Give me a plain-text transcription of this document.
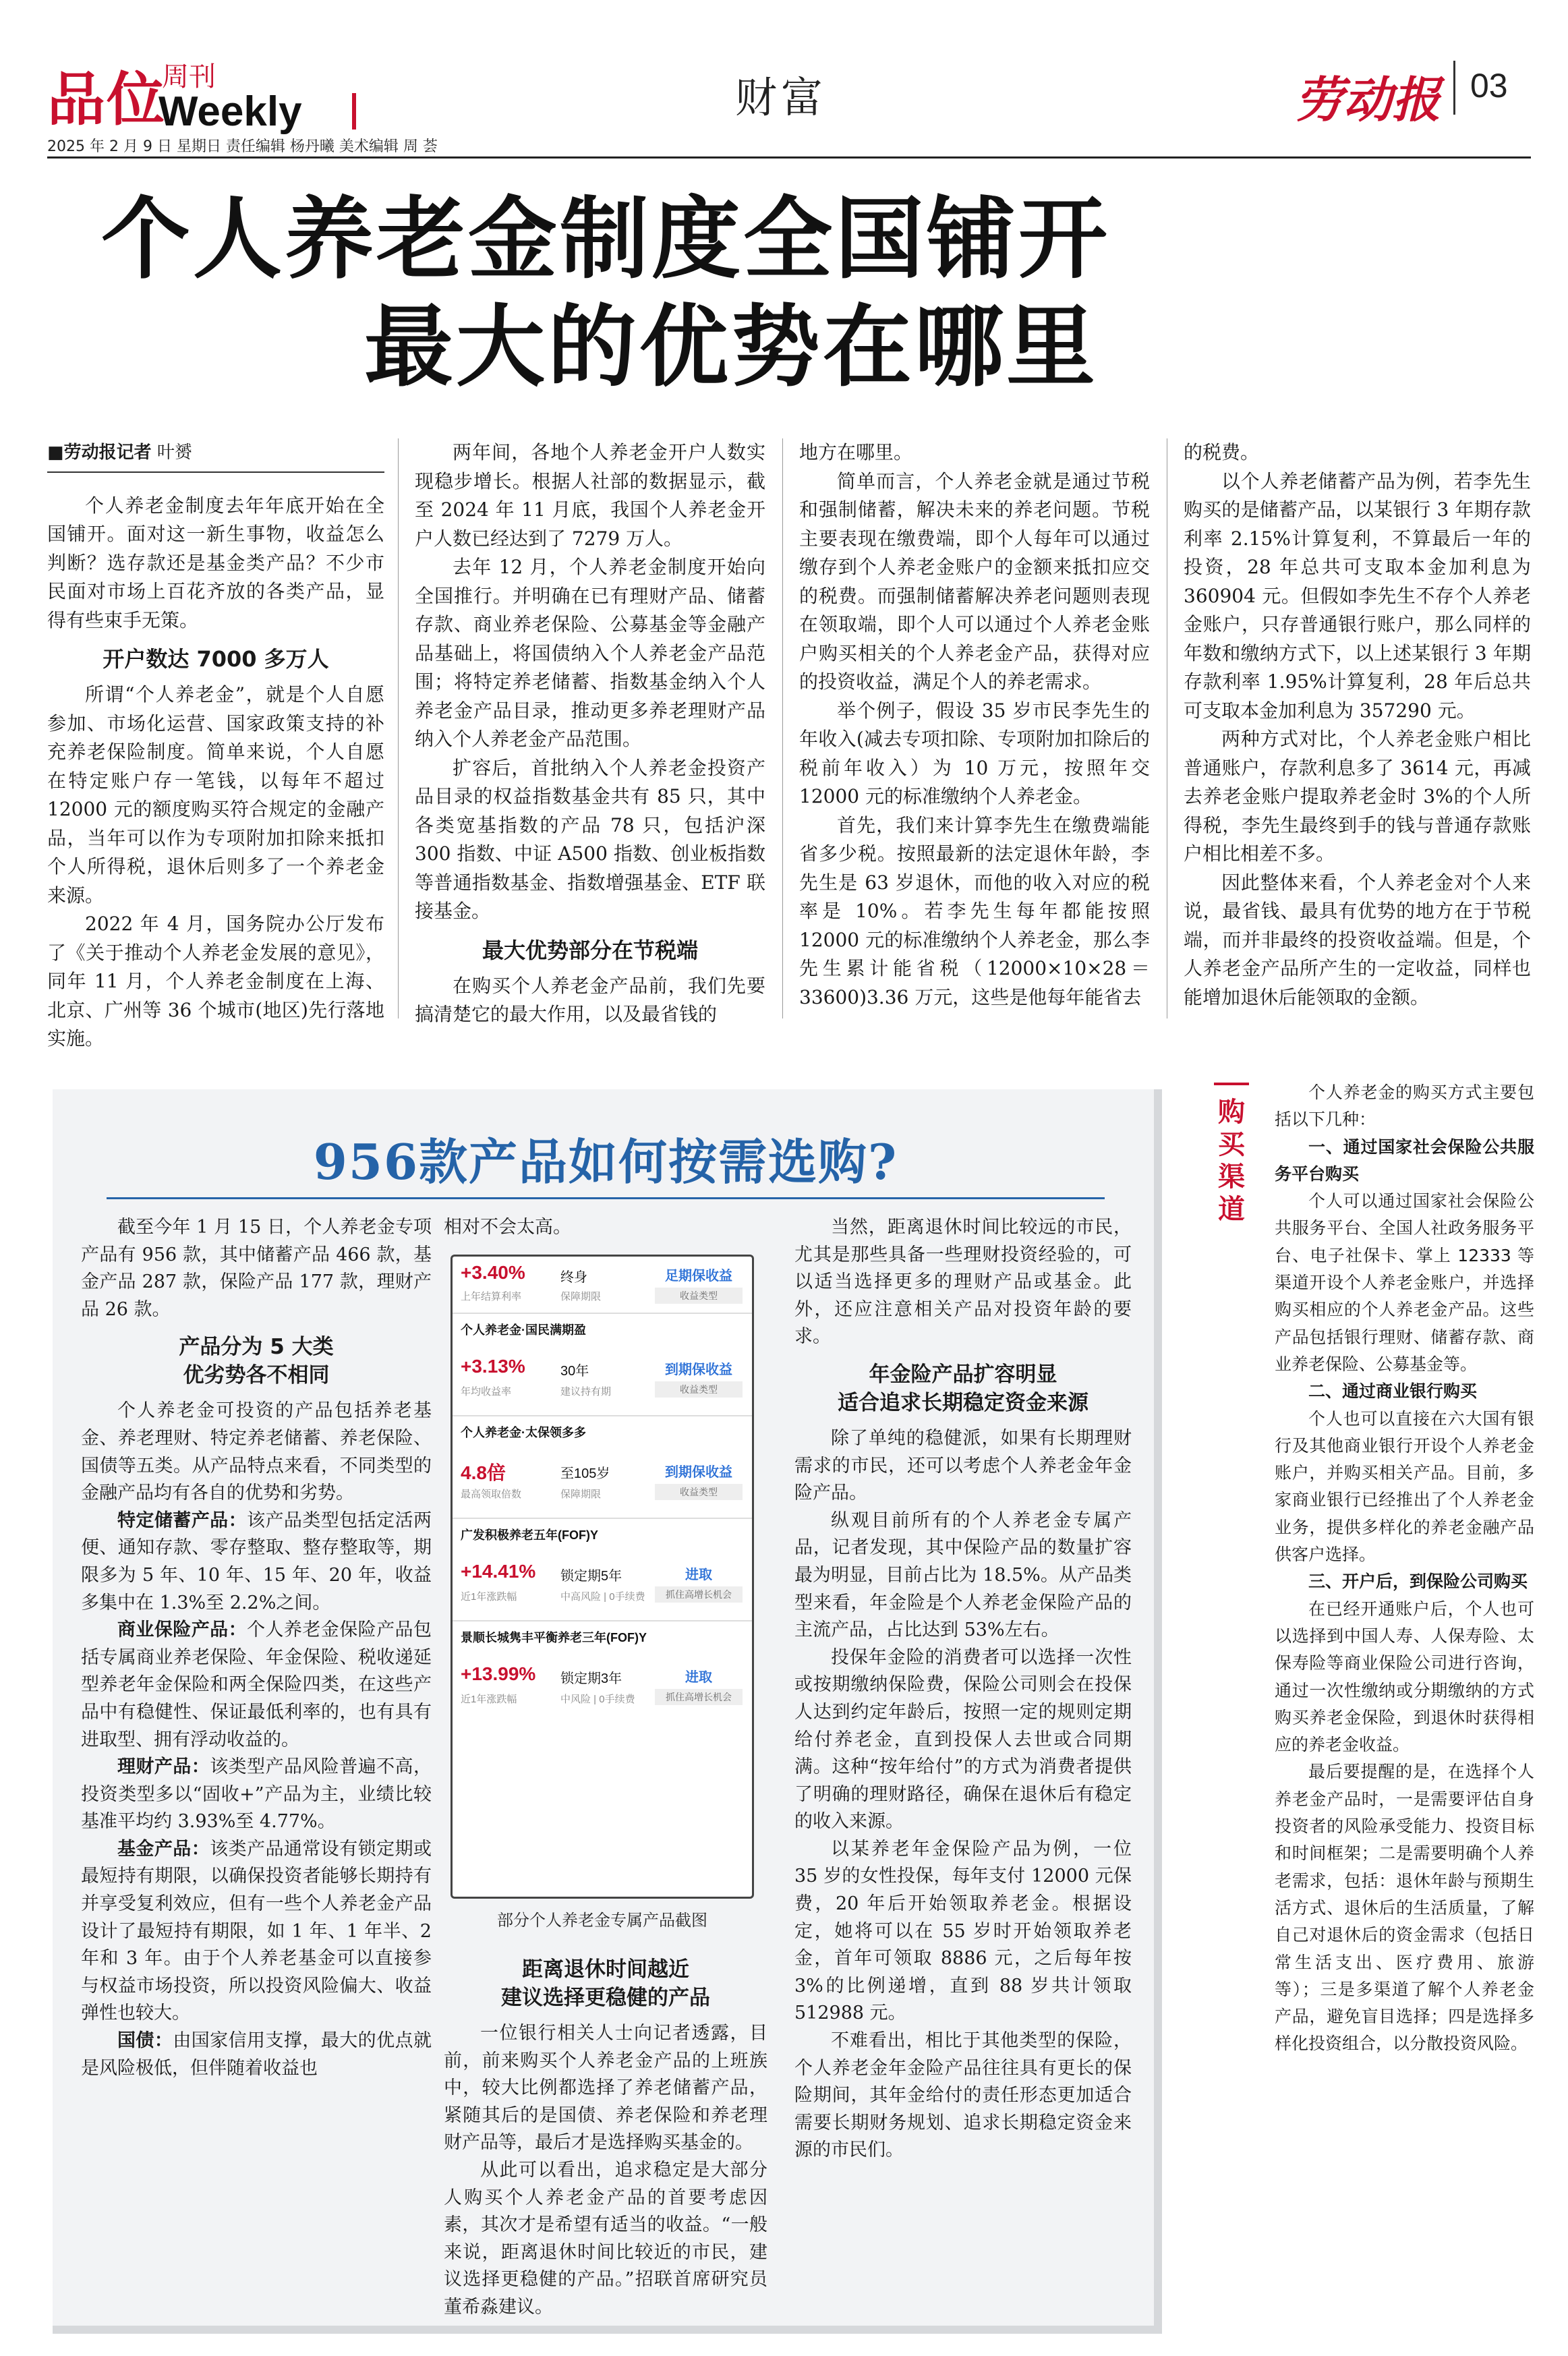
品位
周刊
Weekly	财富	劳动报 03
2025 年 2 月 9 日 星期日 责任编辑 杨丹曦 美术编辑 周 荟
个人养老金制度全国铺开
最大的优势在哪里
■劳动报记者 叶赟

个人养老金制度去年年底开始在全国铺开。面对这一新生事物，收益怎么判断？选存款还是基金类产品？不少市民面对市场上百花齐放的各类产品，显得有些束手无策。

开户数达 7000 多万人

所谓“个人养老金”，就是个人自愿参加、市场化运营、国家政策支持的补充养老保险制度。简单来说，个人自愿在特定账户存一笔钱，以每年不超过 12000 元的额度购买符合规定的金融产品，当年可以作为专项附加扣除来抵扣个人所得税，退休后则多了一个养老金来源。

2022 年 4 月，国务院办公厅发布了《关于推动个人养老金发展的意见》，同年 11 月，个人养老金制度在上海、北京、广州等 36 个城市(地区)先行落地实施。

两年间，各地个人养老金开户人数实现稳步增长。根据人社部的数据显示，截至 2024 年 11 月底，我国个人养老金开户人数已经达到了 7279 万人。

去年 12 月，个人养老金制度开始向全国推行。并明确在已有理财产品、储蓄存款、商业养老保险、公募基金等金融产品基础上，将国债纳入个人养老金产品范围；将特定养老储蓄、指数基金纳入个人养老金产品目录，推动更多养老理财产品纳入个人养老金产品范围。

扩容后，首批纳入个人养老金投资产品目录的权益指数基金共有 85 只，其中各类宽基指数的产品 78 只，包括沪深 300 指数、中证 A500 指数、创业板指数等普通指数基金、指数增强基金、ETF 联接基金。

最大优势部分在节税端

在购买个人养老金产品前，我们先要搞清楚它的最大作用，以及最省钱的

地方在哪里。

简单而言，个人养老金就是通过节税和强制储蓄，解决未来的养老问题。节税主要表现在缴费端，即个人每年可以通过缴存到个人养老金账户的金额来抵扣应交的税费。而强制储蓄解决养老问题则表现在领取端，即个人可以通过个人养老金账户购买相关的个人养老金产品，获得对应的投资收益，满足个人的养老需求。

举个例子，假设 35 岁市民李先生的年收入(减去专项扣除、专项附加扣除后的税前年收入）为 10 万元，按照年交 12000 元的标准缴纳个人养老金。

首先，我们来计算李先生在缴费端能省多少税。按照最新的法定退休年龄，李先生是 63 岁退休，而他的收入对应的税率是 10%。若李先生每年都能按照 12000 元的标准缴纳个人养老金，那么李先生累计能省税（12000×10×28＝33600)3.36 万元，这些是他每年能省去

的税费。

以个人养老储蓄产品为例，若李先生购买的是储蓄产品，以某银行 3 年期存款利率 2.15%计算复利，不算最后一年的投资，28 年总共可支取本金加利息为 360904 元。但假如李先生不存个人养老金账户，只存普通银行账户，那么同样的年数和缴纳方式下，以上述某银行 3 年期存款利率 1.95%计算复利，28 年后总共可支取本金加利息为 357290 元。

两种方式对比，个人养老金账户相比普通账户，存款利息多了 3614 元，再减去养老金账户提取养老金时 3%的个人所得税，李先生最终到手的钱与普通存款账户相比相差不多。

因此整体来看，个人养老金对个人来说，最省钱、最具有优势的地方在于节税端，而并非最终的投资收益端。但是，个人养老金产品所产生的一定收益，同样也能增加退休后能领取的金额。

956款产品如何按需选购?

截至今年 1 月 15 日，个人养老金专项产品有 956 款，其中储蓄产品 466 款，基金产品 287 款，保险产品 177 款，理财产品 26 款。

产品分为 5 大类
优劣势各不相同

个人养老金可投资的产品包括养老基金、养老理财、特定养老储蓄、养老保险、国债等五类。从产品特点来看，不同类型的金融产品均有各自的优势和劣势。

特定储蓄产品：该产品类型包括定活两便、通知存款、零存整取、整存整取等，期限多为 5 年、10 年、15 年、20 年，收益多集中在 1.3%至 2.2%之间。

商业保险产品：个人养老金保险产品包括专属商业养老保险、年金保险、税收递延型养老年金保险和两全保险四类，在这些产品中有稳健性、保证最低利率的，也有具有进取型、拥有浮动收益的。

理财产品：该类型产品风险普遍不高，投资类型多以“固收+”产品为主，业绩比较基准平均约 3.93%至 4.77%。

基金产品：该类产品通常设有锁定期或最短持有期限，以确保投资者能够长期持有并享受复利效应，但有一些个人养老金产品设计了最短持有期限，如 1 年、1 年半、2 年和 3 年。由于个人养老基金可以直接参与权益市场投资，所以投资风险偏大、收益弹性也较大。

国债：由国家信用支撑，最大的优点就是风险极低，但伴随着收益也

相对不会太高。

+3.40%
上年结算利率
终身
保障期限
足期保收益
收益类型
个人养老金·国民满期盈
+3.13%
年均收益率
30年
建议持有期
到期保收益
收益类型
个人养老金·太保领多多
4.8倍
最高领取倍数
至105岁
保障期限
到期保收益
收益类型
广发积极养老五年(FOF)Y
+14.41%
近1年涨跌幅
锁定期5年
中高风险 | 0手续费
进取
抓住高增长机会
景顺长城隽丰平衡养老三年(FOF)Y
+13.99%
近1年涨跌幅
锁定期3年
中风险 | 0手续费
进取
抓住高增长机会
部分个人养老金专属产品截图
距离退休时间越近
建议选择更稳健的产品

一位银行相关人士向记者透露，目前，前来购买个人养老金产品的上班族中，较大比例都选择了养老储蓄产品，紧随其后的是国债、养老保险和养老理财产品等，最后才是选择购买基金的。

从此可以看出，追求稳定是大部分人购买个人养老金产品的首要考虑因素，其次才是希望有适当的收益。“一般来说，距离退休时间比较近的市民，建议选择更稳健的产品。”招联首席研究员董希淼建议。

当然，距离退休时间比较远的市民，尤其是那些具备一些理财投资经验的，可以适当选择更多的理财产品或基金。此外，还应注意相关产品对投资年龄的要求。

年金险产品扩容明显
适合追求长期稳定资金来源

除了单纯的稳健派，如果有长期理财需求的市民，还可以考虑个人养老金年金险产品。

纵观目前所有的个人养老金专属产品，记者发现，其中保险产品的数量扩容最为明显，目前占比为 18.5%。从产品类型来看，年金险是个人养老金保险产品的主流产品，占比达到 53%左右。

投保年金险的消费者可以选择一次性或按期缴纳保险费，保险公司则会在投保人达到约定年龄后，按照一定的规则定期给付养老金，直到投保人去世或合同期满。这种“按年给付”的方式为消费者提供了明确的理财路径，确保在退休后有稳定的收入来源。

以某养老年金保险产品为例，一位 35 岁的女性投保，每年支付 12000 元保费，20 年后开始领取养老金。根据设定，她将可以在 55 岁时开始领取养老金，首年可领取 8886 元，之后每年按 3%的比例递增，直到 88 岁共计领取 512988 元。

不难看出，相比于其他类型的保险，个人养老金年金险产品往往具有更长的保险期间，其年金给付的责任形态更加适合需要长期财务规划、追求长期稳定资金来源的市民们。

购买渠道

个人养老金的购买方式主要包括以下几种：

一、通过国家社会保险公共服务平台购买

个人可以通过国家社会保险公共服务平台、全国人社政务服务平台、电子社保卡、掌上 12333 等渠道开设个人养老金账户，并选择购买相应的个人养老金产品。这些产品包括银行理财、储蓄存款、商业养老保险、公募基金等。

二、通过商业银行购买

个人也可以直接在六大国有银行及其他商业银行开设个人养老金账户，并购买相关产品。目前，多家商业银行已经推出了个人养老金业务，提供多样化的养老金融产品供客户选择。

三、开户后，到保险公司购买

在已经开通账户后，个人也可以选择到中国人寿、人保寿险、太保寿险等商业保险公司进行咨询，通过一次性缴纳或分期缴纳的方式购买养老金保险，到退休时获得相应的养老金收益。

最后要提醒的是，在选择个人养老金产品时，一是需要评估自身投资者的风险承受能力、投资目标和时间框架；二是需要明确个人养老需求，包括：退休年龄与预期生活方式、退休后的生活质量，了解自己对退休后的资金需求（包括日常生活支出、医疗费用、旅游等）；三是多渠道了解个人养老金产品，避免盲目选择；四是选择多样化投资组合，以分散投资风险。
